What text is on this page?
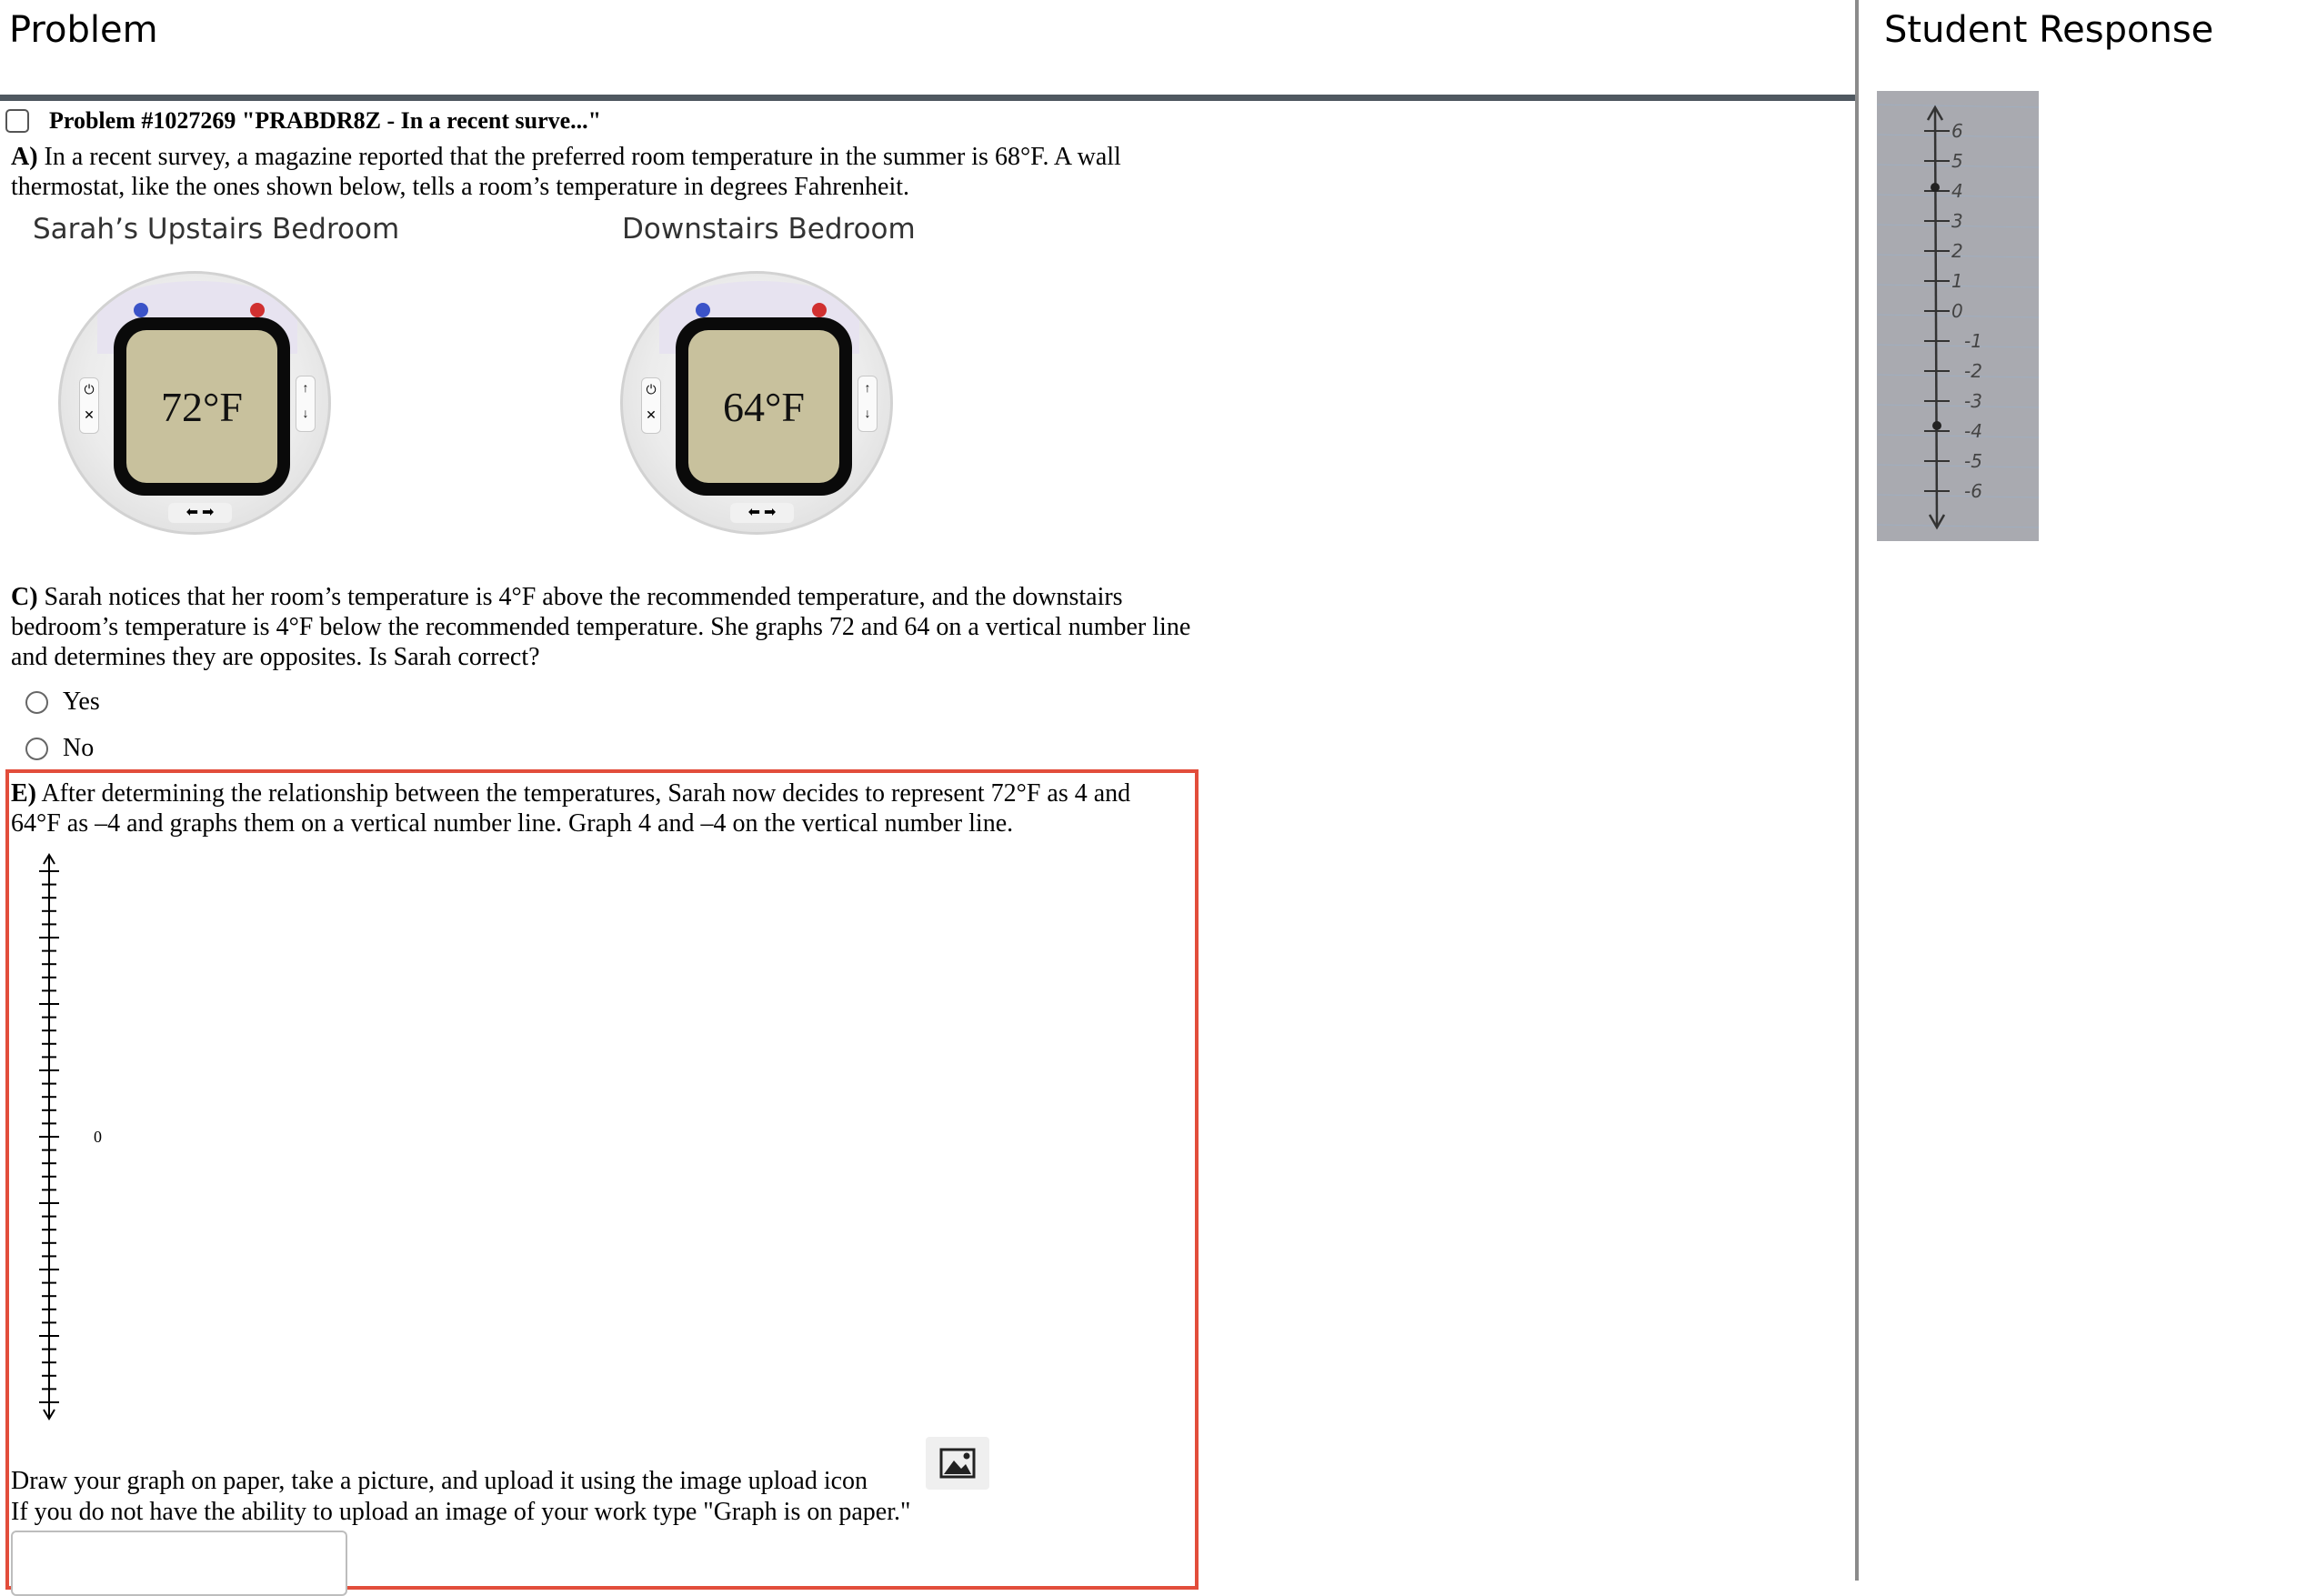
Problem
Problem #1027269 "PRABDR8Z - In a recent surve..."
A) In a recent survey, a magazine reported that the preferred room temperature in the summer is 68°F. A wall thermostat, like the ones shown below, tells a room’s temperature in degrees Fahrenheit.
Sarah’s Upstairs Bedroom
⏻
✕
↑
↓
72°F
⬅ ➡
Downstairs Bedroom
⏻
✕
↑
↓
64°F
⬅ ➡
C) Sarah notices that her room’s temperature is 4°F above the recommended temperature, and the downstairs bedroom’s temperature is 4°F below the recommended temperature. She graphs 72 and 64 on a vertical number line and determines they are opposites. Is Sarah correct?
Yes
No
E) After determining the relationship between the temperatures, Sarah now decides to represent 72°F as 4 and 64°F as –4 and graphs them on a vertical number line. Graph 4 and –4 on the vertical number line.
0
Draw your graph on paper, take a picture, and upload it using the image upload icon
If you do not have the ability to upload an image of your work type "Graph is on paper."
Student Response
6
5
4
3
2
1
0
-1
-2
-3
-4
-5
-6
